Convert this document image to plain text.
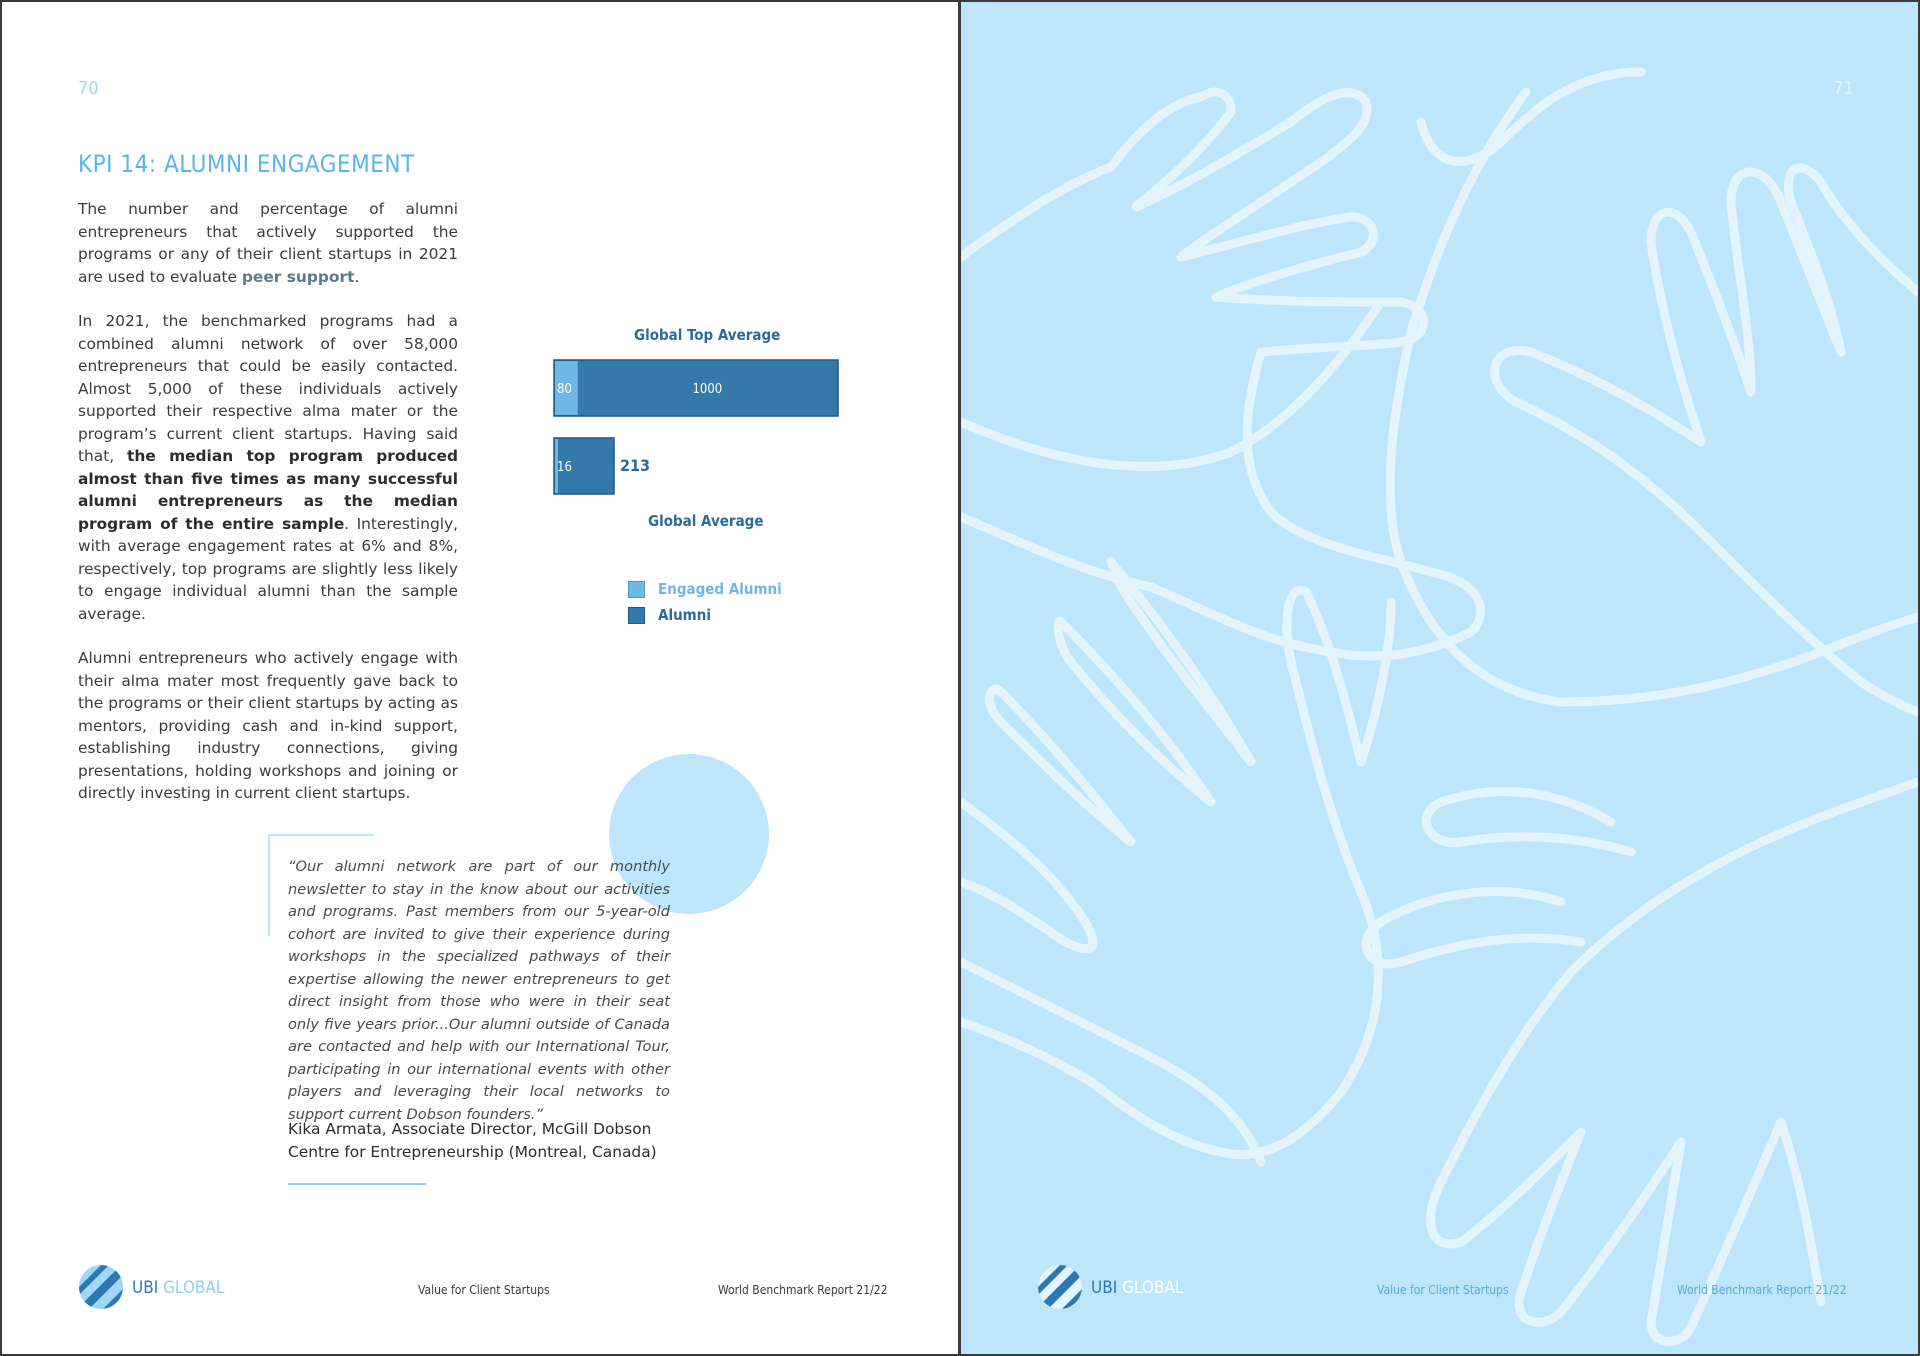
70
KPI 14: ALUMNI ENGAGEMENT

The number and percentage of alumni entrepreneurs that actively supported the programs or any of their client startups in 2021 are used to evaluate peer support.

In 2021, the benchmarked programs had a combined alumni network of over 58,000 entrepreneurs that could be easily contacted. Almost 5,000 of these individuals actively supported their respective alma mater or the program’s current client startups. Having said that, the median top program produced almost than five times as many successful alumni entrepreneurs as the median program of the entire sample. Interestingly, with average engagement rates at 6% and 8%, respectively, top programs are slightly less likely to engage individual alumni than the sample average.

Alumni entrepreneurs who actively engage with their alma mater most frequently gave back to the programs or their client startups by acting as mentors, providing cash and in-kind support, establishing industry connections, giving presentations, holding workshops and joining or directly investing in current client startups.

Global Top Average
80	1000
16	213
Global Average
Engaged Alumni
Alumni
“Our alumni network are part of our monthly newsletter to stay in the know about our activities and programs. Past members from our 5-year-old cohort are invited to give their experience during workshops in the specialized pathways of their expertise allowing the newer entrepreneurs to get direct insight from those who were in their seat only five years prior...Our alumni outside of Canada are contacted and help with our International Tour, participating in our international events with other players and leveraging their local networks to support current Dobson founders.”
Kika Armata, Associate Director, McGill Dobson Centre for Entrepreneurship (Montreal, Canada)
UBI GLOBAL	Value for Client Startups	World Benchmark Report 21/22
71
UBI GLOBAL	Value for Client Startups	World Benchmark Report 21/22
